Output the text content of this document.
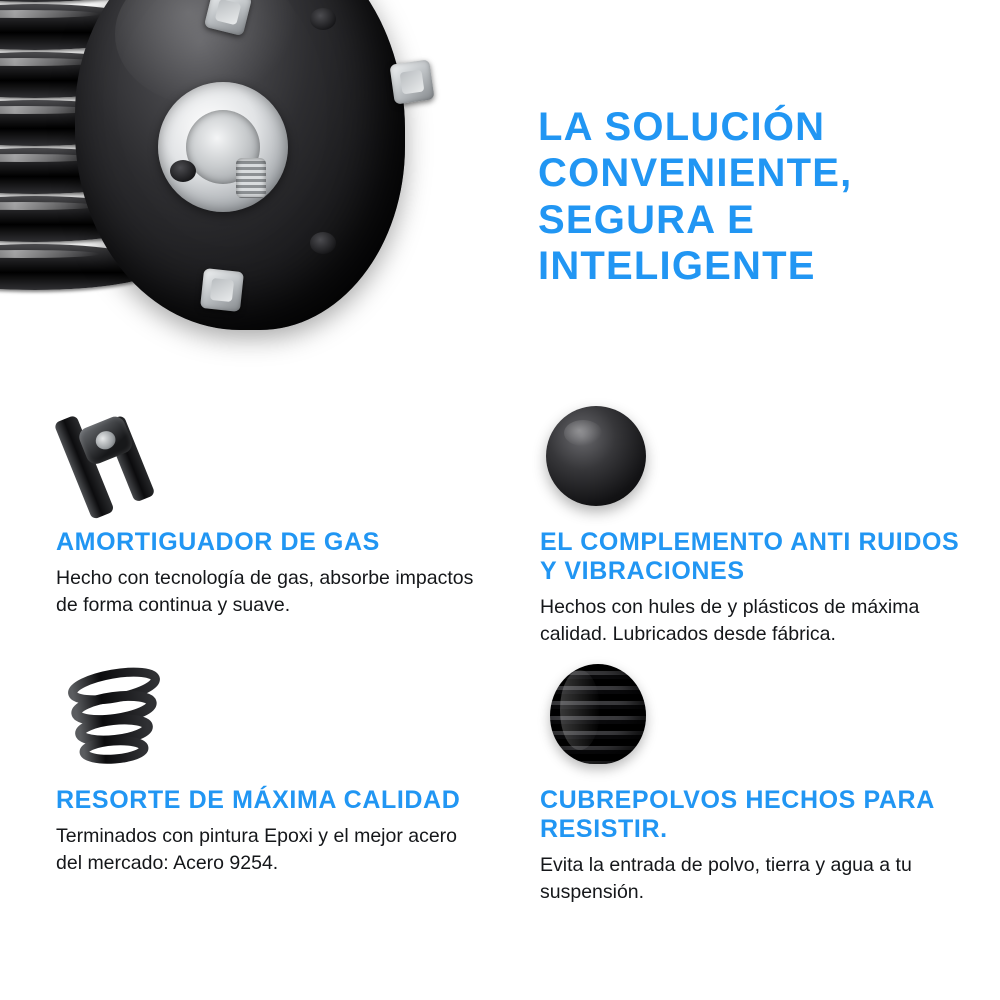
LA SOLUCIÓN CONVENIENTE, SEGURA E INTELIGENTE
AMORTIGUADOR DE GAS
Hecho con tecnología de gas, absorbe impactos de forma continua y suave.
EL COMPLEMENTO ANTI RUIDOS Y VIBRACIONES
Hechos con hules de y plásticos de máxima calidad. Lubricados desde fábrica.
RESORTE DE MÁXIMA CALIDAD
Terminados con pintura Epoxi y el mejor acero del mercado: Acero 9254.
CUBREPOLVOS HECHOS PARA RESISTIR.
Evita la entrada de polvo, tierra y agua a tu suspensión.
